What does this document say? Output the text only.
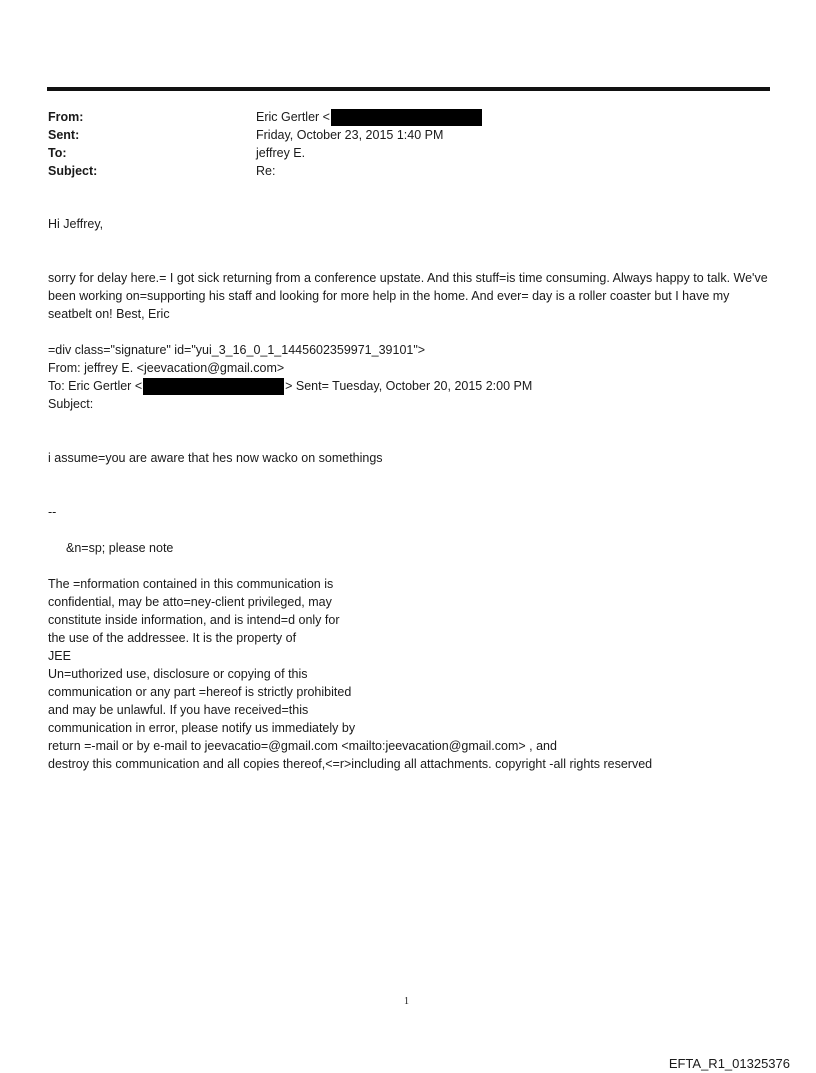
From:	Eric Gertler <
Sent:	Friday, October 23, 2015 1:40 PM
To:	jeffrey E.
Subject:	Re:
Hi Jeffrey,
sorry for delay here.= I got sick returning from a conference upstate. And this stuff=is time consuming. Always happy to talk. We've been working on=supporting his staff and looking for more help in the home. And ever= day is a roller coaster but I have my seatbelt on! Best, Eric

=div class="signature" id="yui_3_16_0_1_1445602359971_39101">

From: jeffrey E. <jeevacation@gmail.com>

To: Eric Gertler <	> Sent= Tuesday, October 20, 2015 2:00 PM

Subject:

i assume=you are aware that hes now wacko on somethings
--
&n=sp; please note

The =nformation contained in this communication is

confidential, may be atto=ney-client privileged, may

constitute inside information, and is intend=d only for

the use of the addressee. It is the property of

JEE

Un=uthorized use, disclosure or copying of this

communication or any part =hereof is strictly prohibited

and may be unlawful. If you have received=this

communication in error, please notify us immediately by

return =-mail or by e-mail to jeevacatio=@gmail.com <mailto:jeevacation@gmail.com> , and

destroy this communication and all copies thereof,<=r>including all attachments. copyright -all rights reserved

1
EFTA_R1_01325376
